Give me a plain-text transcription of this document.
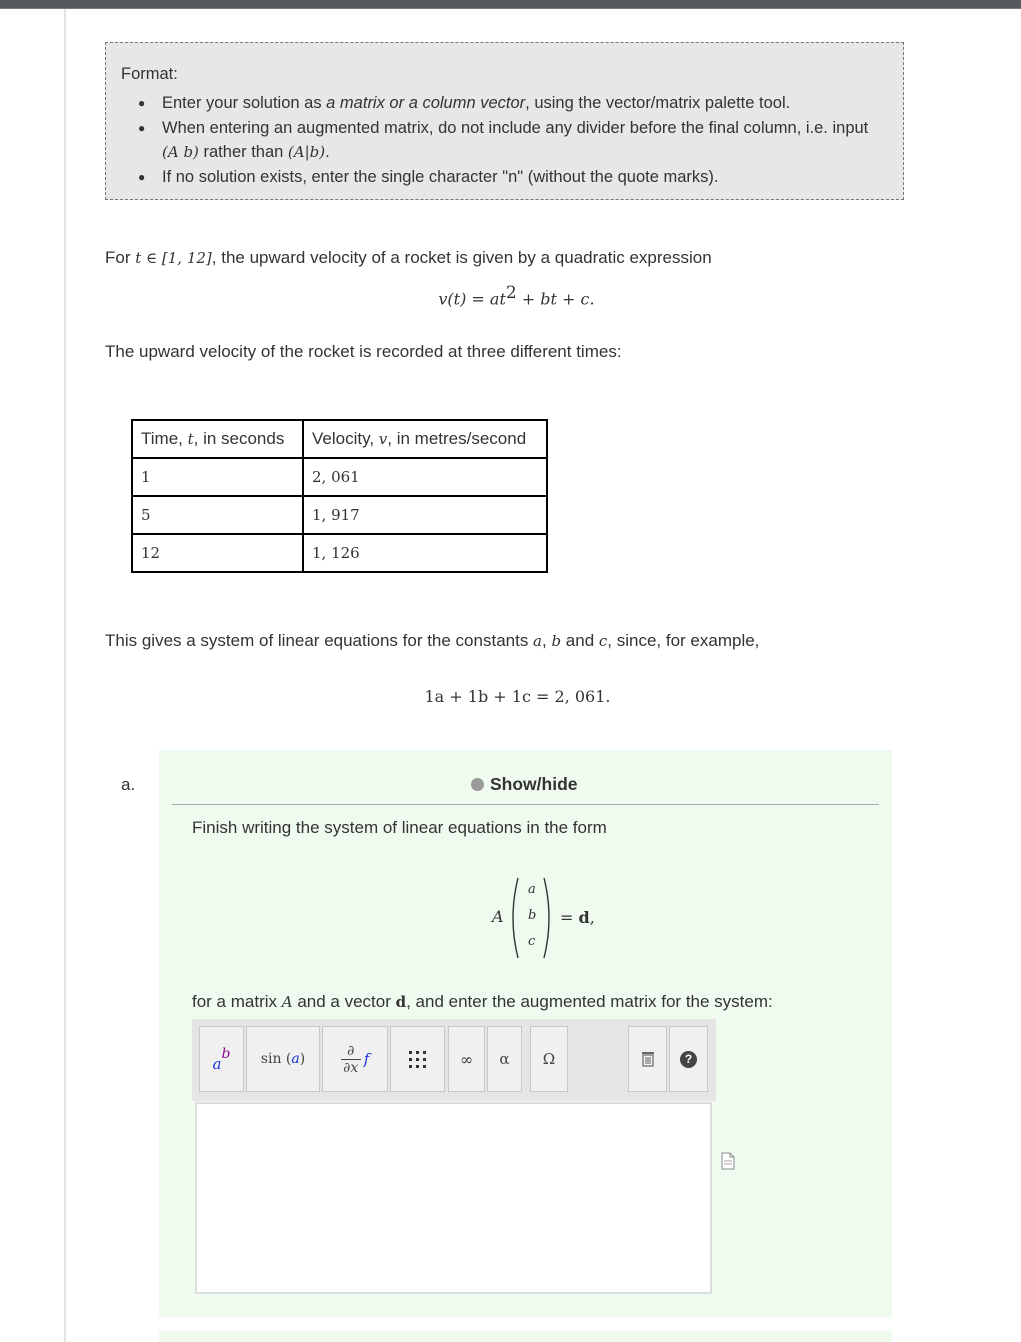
Format:
● Enter your solution as a matrix or a column vector, using the vector/matrix palette tool.
● When entering an augmented matrix, do not include any divider before the final column, i.e. input (A b) rather than (A|b).
● If no solution exists, enter the single character "n" (without the quote marks).
For t ∈ [1, 12], the upward velocity of a rocket is given by a quadratic expression
$v(t) = at^2$ + bt + c.
The upward velocity of the rocket is recorded at three different times:
Time, t, in seconds	Velocity, v, in metres/second
1	2, 061
5	1, 917
12	1, 126
This gives a system of linear equations for the constants a, b and c, since, for example,
1a + 1b + 1c = 2, 061.
a.	Show/hide
Finish writing the system of linear equations in the form
A
a
b
c
= d,
for a matrix A and a vector d, and enter the augmented matrix for the system:
a
b sin ( a )
∂
∂x f	∞	α	Ω	?
